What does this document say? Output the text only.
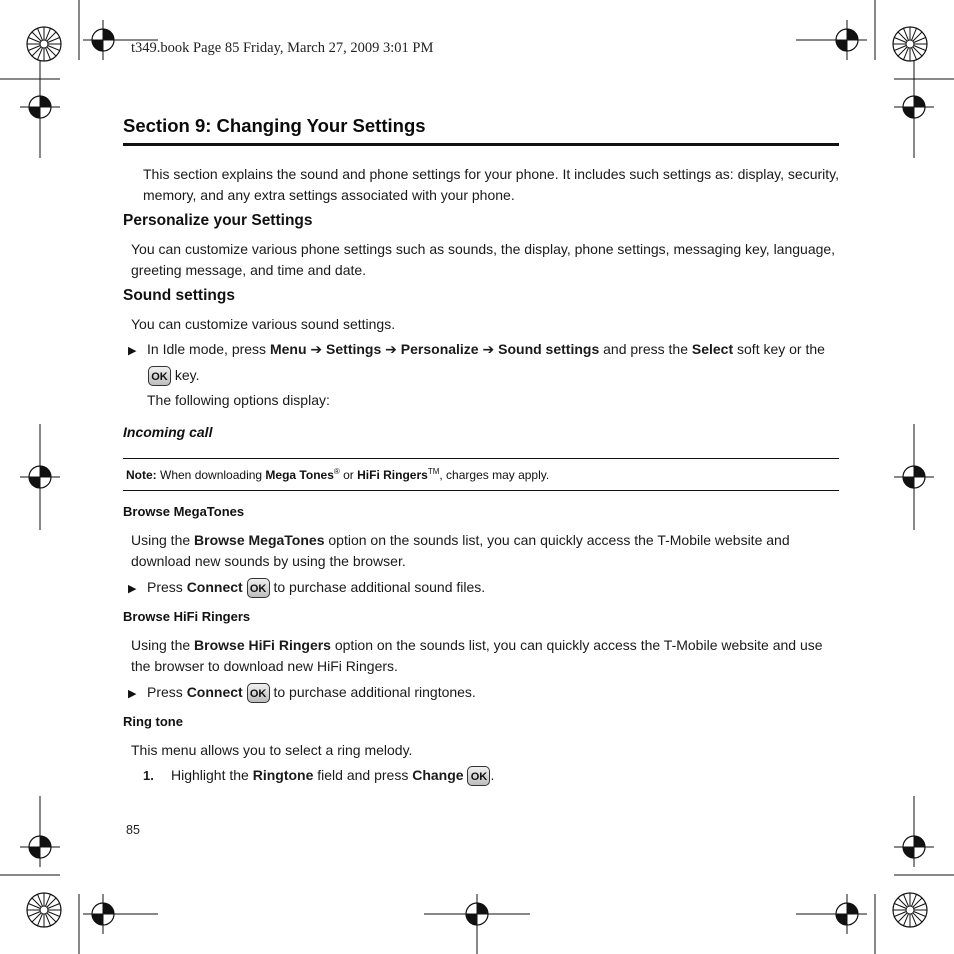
t349.book Page 85 Friday, March 27, 2009 3:01 PM
Section 9: Changing Your Settings
This section explains the sound and phone settings for your phone. It includes such settings as: display, security, memory, and any extra settings associated with your phone.
Personalize your Settings
You can customize various phone settings such as sounds, the display, phone settings, messaging key, language, greeting message, and time and date.
Sound settings
You can customize various sound settings.
▶ In Idle mode, press Menu ➔ Settings ➔ Personalize ➔ Sound settings and press the Select soft key or the
OK key.
The following options display:
Incoming call
Note: When downloading Mega Tones® or HiFi Ringers™, charges may apply.
Browse MegaTones
Using the Browse MegaTones option on the sounds list, you can quickly access the T-Mobile website and download new sounds by using the browser.
▶ Press Connect OK to purchase additional sound files.
Browse HiFi Ringers
Using the Browse HiFi Ringers option on the sounds list, you can quickly access the T-Mobile website and use the browser to download new HiFi Ringers.
▶ Press Connect OK to purchase additional ringtones.
Ring tone
This menu allows you to select a ring melody.
1. Highlight the Ringtone field and press Change OK .
85
